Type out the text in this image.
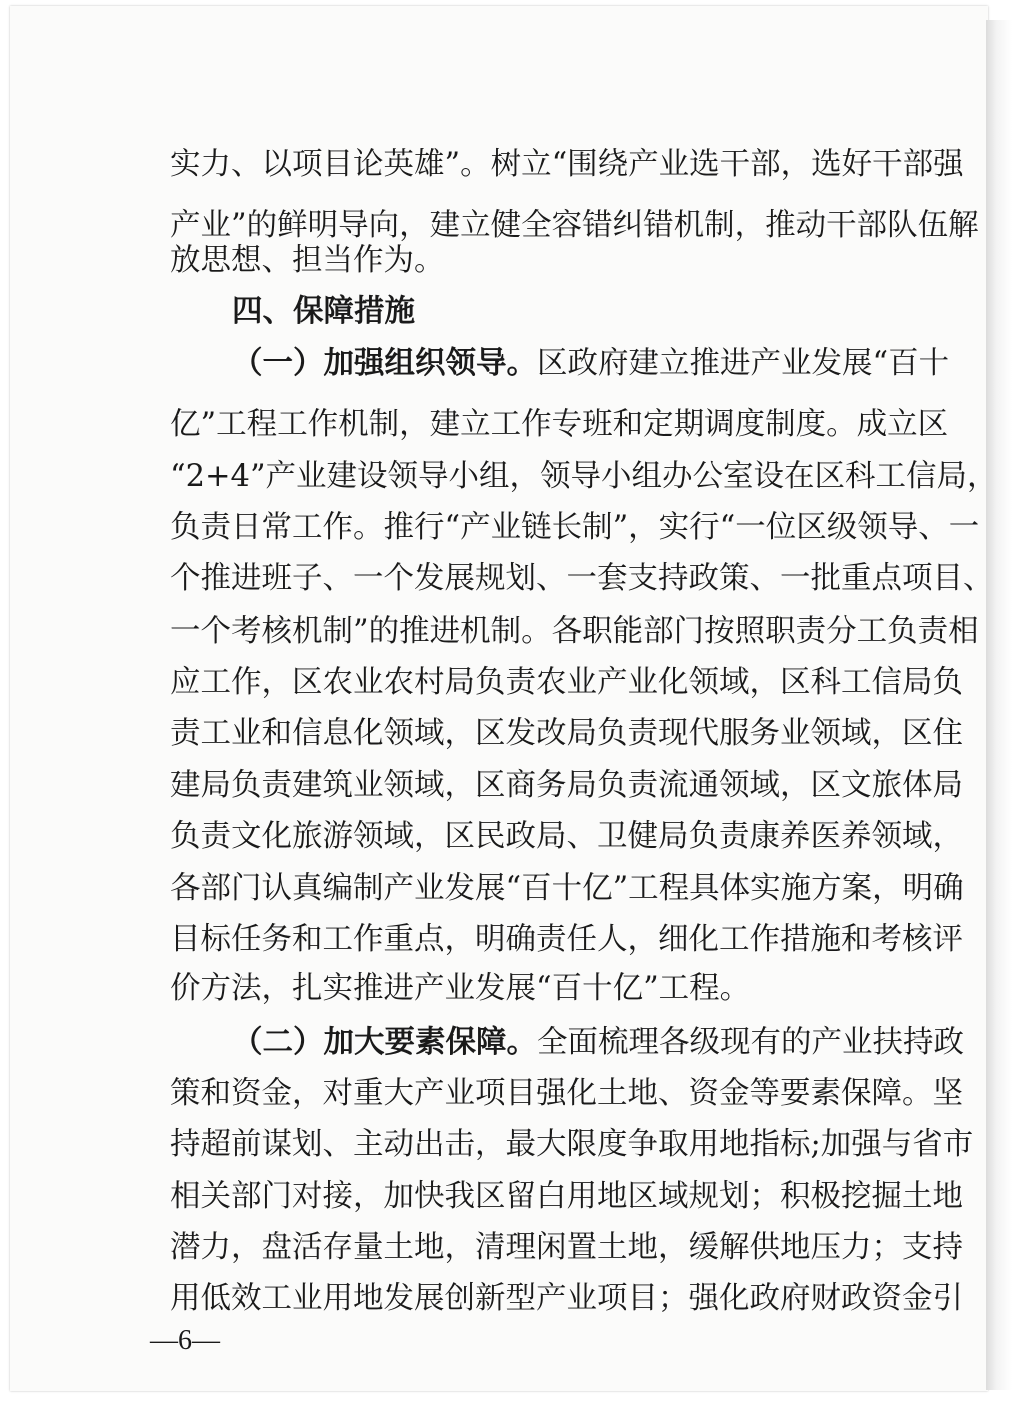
实力、以项目论英雄”。树立“围绕产业选干部，选好干部强
产业”的鲜明导向，建立健全容错纠错机制，推动干部队伍解
放思想、担当作为。
四、保障措施
（一）加强组织领导。区政府建立推进产业发展“百十
亿”工程工作机制，建立工作专班和定期调度制度。成立区
“2+4”产业建设领导小组，领导小组办公室设在区科工信局，
负责日常工作。推行“产业链长制”，实行“一位区级领导、一
个推进班子、一个发展规划、一套支持政策、一批重点项目、
一个考核机制”的推进机制。各职能部门按照职责分工负责相
应工作，区农业农村局负责农业产业化领域，区科工信局负
责工业和信息化领域，区发改局负责现代服务业领域，区住
建局负责建筑业领域，区商务局负责流通领域，区文旅体局
负责文化旅游领域，区民政局、卫健局负责康养医养领域，
各部门认真编制产业发展“百十亿”工程具体实施方案，明确
目标任务和工作重点，明确责任人，细化工作措施和考核评
价方法，扎实推进产业发展“百十亿”工程。
（二）加大要素保障。全面梳理各级现有的产业扶持政
策和资金，对重大产业项目强化土地、资金等要素保障。坚
持超前谋划、主动出击，最大限度争取用地指标;加强与省市
相关部门对接，加快我区留白用地区域规划；积极挖掘土地
潜力，盘活存量土地，清理闲置土地，缓解供地压力；支持
用低效工业用地发展创新型产业项目；强化政府财政资金引
—6—
